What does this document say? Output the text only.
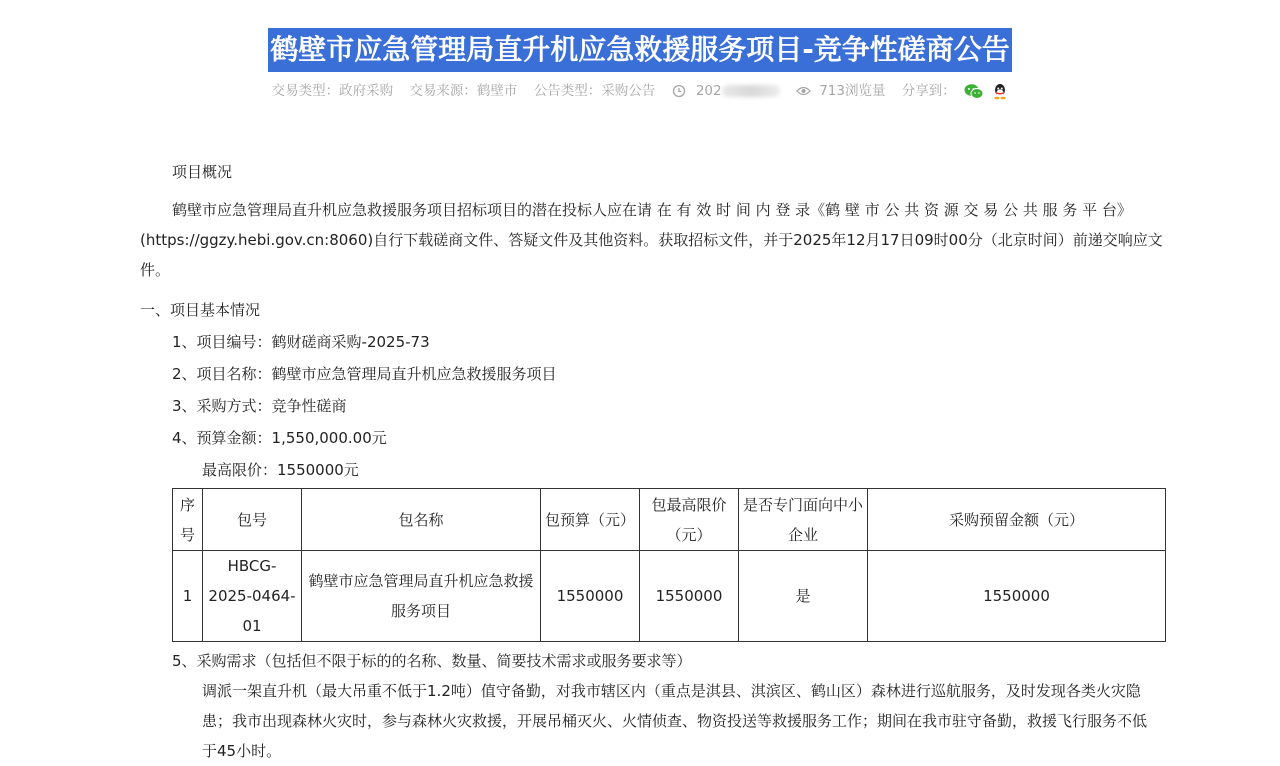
鹤壁市应急管理局直升机应急救援服务项目-竞争性磋商公告
交易类型：政府采购 交易来源：鹤壁市 公告类型：采购公告	202	713浏览量 分享到：

项目概况

鹤壁市应急管理局直升机应急救援服务项目招标项目的潜在投标人应在请 在 有 效 时 间 内 登 录《鹤 壁 市 公 共 资 源 交 易 公 共 服 务 平 台》

(https://ggzy.hebi.gov.cn:8060)自行下载磋商文件、答疑文件及其他资料。获取招标文件，并于2025年12月17日09时00分（北京时间）前递交响应文

件。

一、项目基本情况

1、项目编号：鹤财磋商采购-2025-73

2、项目名称：鹤壁市应急管理局直升机应急救援服务项目

3、采购方式：竞争性磋商

4、预算金额：1,550,000.00元

最高限价：1550000元

序号	包号	包名称	包预算（元）	包最高限价（元）	是否专门面向中小企业	采购预留金额（元）
1	HBCG-2025-0464-01	鹤壁市应急管理局直升机应急救援服务项目	1550000	1550000	是	1550000

5、采购需求（包括但不限于标的的名称、数量、简要技术需求或服务要求等）

调派一架直升机（最大吊重不低于1.2吨）值守备勤，对我市辖区内（重点是淇县、淇滨区、鹤山区）森林进行巡航服务，及时发现各类火灾隐

患；我市出现森林火灾时，参与森林火灾救援，开展吊桶灭火、火情侦查、物资投送等救援服务工作；期间在我市驻守备勤，救援飞行服务不低

于45小时。
